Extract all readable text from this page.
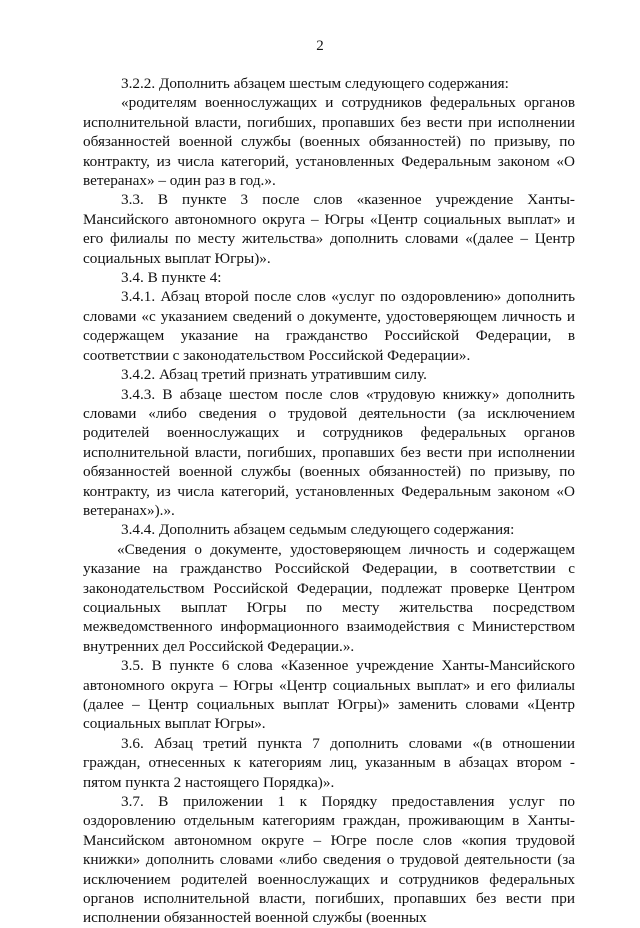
2

3.2.2. Дополнить абзацем шестым следующего содержания:

«родителям военнослужащих и сотрудников федеральных органов исполнительной власти, погибших, пропавших без вести при исполнении обязанностей военной службы (военных обязанностей) по призыву, по контракту, из числа категорий, установленных Федеральным законом «О ветеранах» – один раз в год.».

3.3. В пункте 3 после слов «казенное учреждение Ханты-Мансийского автономного округа – Югры «Центр социальных выплат» и его филиалы по месту жительства» дополнить словами «(далее – Центр социальных выплат Югры)».

3.4. В пункте 4:

3.4.1. Абзац второй после слов «услуг по оздоровлению» дополнить словами «с указанием сведений о документе, удостоверяющем личность и содержащем указание на гражданство Российской Федерации, в соответствии с законодательством Российской Федерации».

3.4.2. Абзац третий признать утратившим силу.

3.4.3. В абзаце шестом после слов «трудовую книжку» дополнить словами «либо сведения о трудовой деятельности (за исключением родителей военнослужащих и сотрудников федеральных органов исполнительной власти, погибших, пропавших без вести при исполнении обязанностей военной службы (военных обязанностей) по призыву, по контракту, из числа категорий, установленных Федеральным законом «О ветеранах»).».

3.4.4. Дополнить абзацем седьмым следующего содержания:

«Сведения о документе, удостоверяющем личность и содержащем указание на гражданство Российской Федерации, в соответствии с законодательством Российской Федерации, подлежат проверке Центром социальных выплат Югры по месту жительства посредством межведомственного информационного взаимодействия с Министерством внутренних дел Российской Федерации.».

3.5. В пункте 6 слова «Казенное учреждение Ханты-Мансийского автономного округа – Югры «Центр социальных выплат» и его филиалы (далее – Центр социальных выплат Югры)» заменить словами «Центр социальных выплат Югры».

3.6. Абзац третий пункта 7 дополнить словами «(в отношении граждан, отнесенных к категориям лиц, указанным в абзацах втором - пятом пункта 2 настоящего Порядка)».

3.7. В приложении 1 к Порядку предоставления услуг по оздоровлению отдельным категориям граждан, проживающим в Ханты-Мансийском автономном округе – Югре после слов «копия трудовой книжки» дополнить словами «либо сведения о трудовой деятельности (за исключением родителей военнослужащих и сотрудников федеральных органов исполнительной власти, погибших, пропавших без вести при исполнении обязанностей военной службы (военных
